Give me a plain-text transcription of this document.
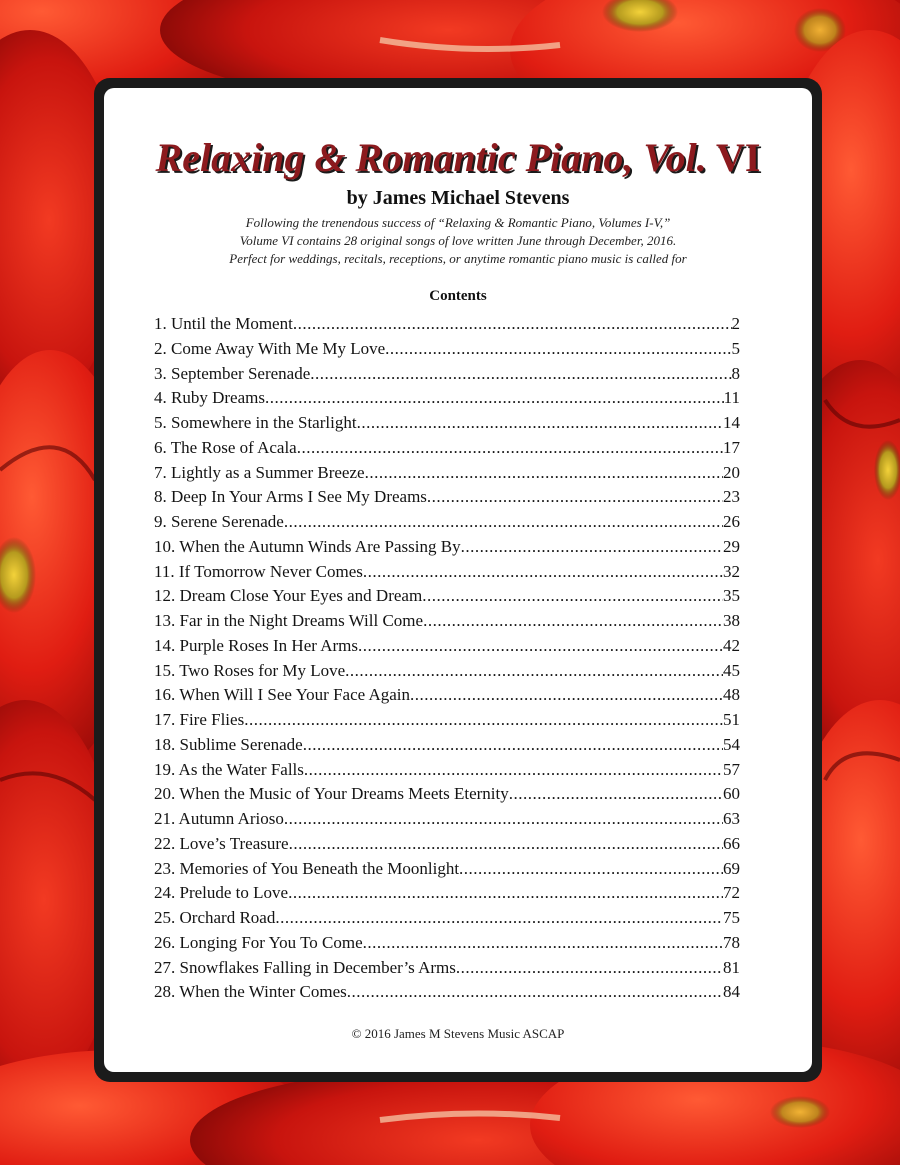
Relaxing & Romantic Piano, Vol. VI
by James Michael Stevens
Following the trenendous success of “Relaxing & Romantic Piano, Volumes I-V,”
Volume VI contains 28 original songs of love written June through December, 2016.
Perfect for weddings, recitals, receptions, or anytime romantic piano music is called for
Contents
1. Until the Moment .....	2
2. Come Away With Me My Love .....	5
3. September Serenade .....	8
4. Ruby Dreams .....	11
5. Somewhere in the Starlight .....	14
6. The Rose of Acala .....	17
7. Lightly as a Summer Breeze .....	20
8. Deep In Your Arms I See My Dreams .....	23
9. Serene Serenade .....	26
10. When the Autumn Winds Are Passing By .....	29
11. If Tomorrow Never Comes .....	32
12. Dream Close Your Eyes and Dream .....	35
13. Far in the Night Dreams Will Come .....	38
14. Purple Roses In Her Arms .....	42
15. Two Roses for My Love .....	45
16. When Will I See Your Face Again .....	48
17. Fire Flies .....	51
18. Sublime Serenade .....	54
19. As the Water Falls .....	57
20. When the Music of Your Dreams Meets Eternity .....	60
21. Autumn Arioso .....	63
22. Love’s Treasure .....	66
23. Memories of You Beneath the Moonlight .....	69
24. Prelude to Love .....	72
25. Orchard Road .....	75
26. Longing For You To Come .....	78
27. Snowflakes Falling in December’s Arms .....	81
28. When the Winter Comes .....	84
© 2016 James M Stevens Music ASCAP
